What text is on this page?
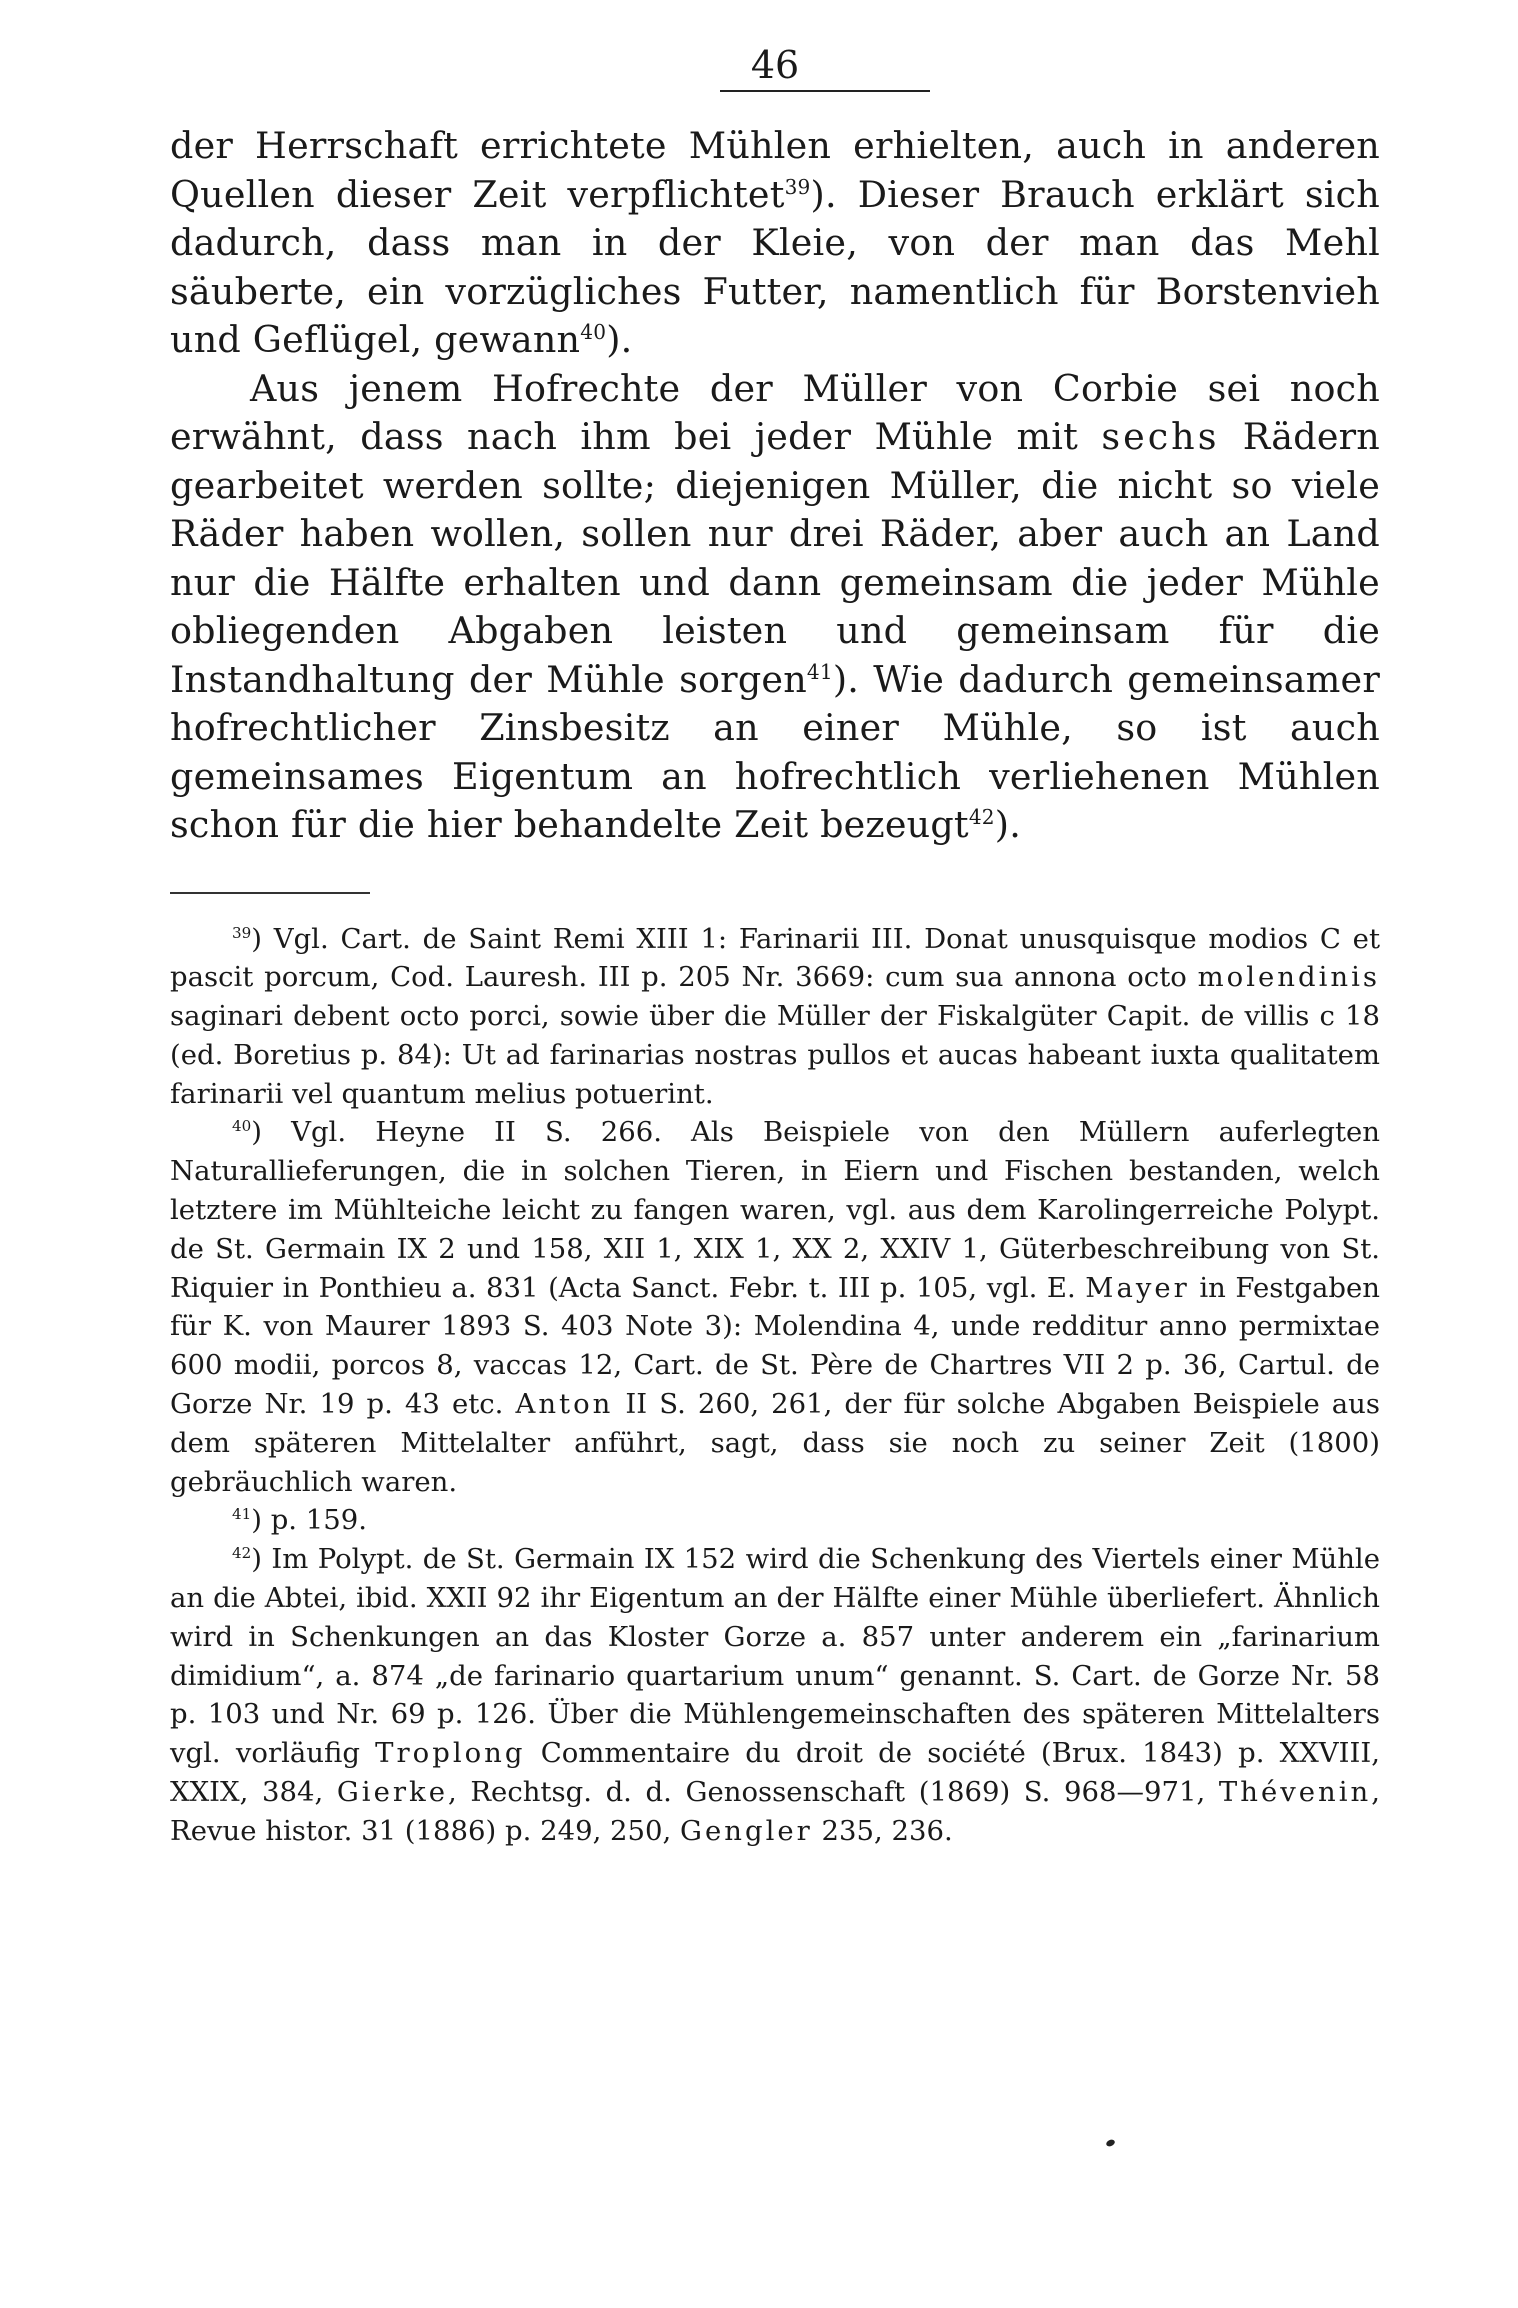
46

der Herrschaft errichtete Mühlen erhielten, auch in anderen Quellen dieser Zeit verpflichtet$^{39}$). Dieser Brauch erklärt sich dadurch, dass man in der Kleie, von der man das Mehl säuberte, ein vorzügliches Futter, namentlich für Borstenvieh und Geflügel, gewann$^{40}$).

Aus jenem Hofrechte der Müller von Corbie sei noch erwähnt, dass nach ihm bei jeder Mühle mit sechs Rädern gearbeitet werden sollte; diejenigen Müller, die nicht so viele Räder haben wollen, sollen nur drei Räder, aber auch an Land nur die Hälfte erhalten und dann gemeinsam die jeder Mühle obliegenden Abgaben leisten und gemeinsam für die Instandhaltung der Mühle sorgen$^{41}$). Wie dadurch gemeinsamer hofrechtlicher Zinsbesitz an einer Mühle, so ist auch gemeinsames Eigentum an hofrechtlich verliehenen Mühlen schon für die hier behandelte Zeit bezeugt$^{42}$).

$^{39}$) Vgl. Cart. de Saint Remi XIII 1: Farinarii III. Donat unusquisque modios C et pascit porcum, Cod. Lauresh. III p. 205 Nr. 3669: cum sua annona octo molendinis saginari debent octo porci, sowie über die Müller der Fiskalgüter Capit. de villis c 18 (ed. Boretius p. 84): Ut ad farinarias nostras pullos et aucas habeant iuxta qualitatem farinarii vel quantum melius potuerint.

$^{40}$) Vgl. Heyne II S. 266. Als Beispiele von den Müllern auferlegten Naturallieferungen, die in solchen Tieren, in Eiern und Fischen bestanden, welch letztere im Mühlteiche leicht zu fangen waren, vgl. aus dem Karolingerreiche Polypt. de St. Germain IX 2 und 158, XII 1, XIX 1, XX 2, XXIV 1, Güterbeschreibung von St. Riquier in Ponthieu a. 831 (Acta Sanct. Febr. t. III p. 105, vgl. E. Mayer in Festgaben für K. von Maurer 1893 S. 403 Note 3): Molendina 4, unde redditur anno permixtae 600 modii, porcos 8, vaccas 12, Cart. de St. Père de Chartres VII 2 p. 36, Cartul. de Gorze Nr. 19 p. 43 etc. Anton II S. 260, 261, der für solche Abgaben Beispiele aus dem späteren Mittelalter anführt, sagt, dass sie noch zu seiner Zeit (1800) gebräuchlich waren.

$^{41}$) p. 159.

$^{42}$) Im Polypt. de St. Germain IX 152 wird die Schenkung des Viertels einer Mühle an die Abtei, ibid. XXII 92 ihr Eigentum an der Hälfte einer Mühle überliefert. Ähnlich wird in Schenkungen an das Kloster Gorze a. 857 unter anderem ein „farinarium dimidium“, a. 874 „de farinario quartarium unum“ genannt. S. Cart. de Gorze Nr. 58 p. 103 und Nr. 69 p. 126. Über die Mühlengemeinschaften des späteren Mittelalters vgl. vorläufig Troplong Commentaire du droit de société (Brux. 1843) p. XXVIII, XXIX, 384, Gierke, Rechtsg. d. d. Genossenschaft (1869) S. 968—971, Thévenin, Revue histor. 31 (1886) p. 249, 250, Gengler 235, 236.
